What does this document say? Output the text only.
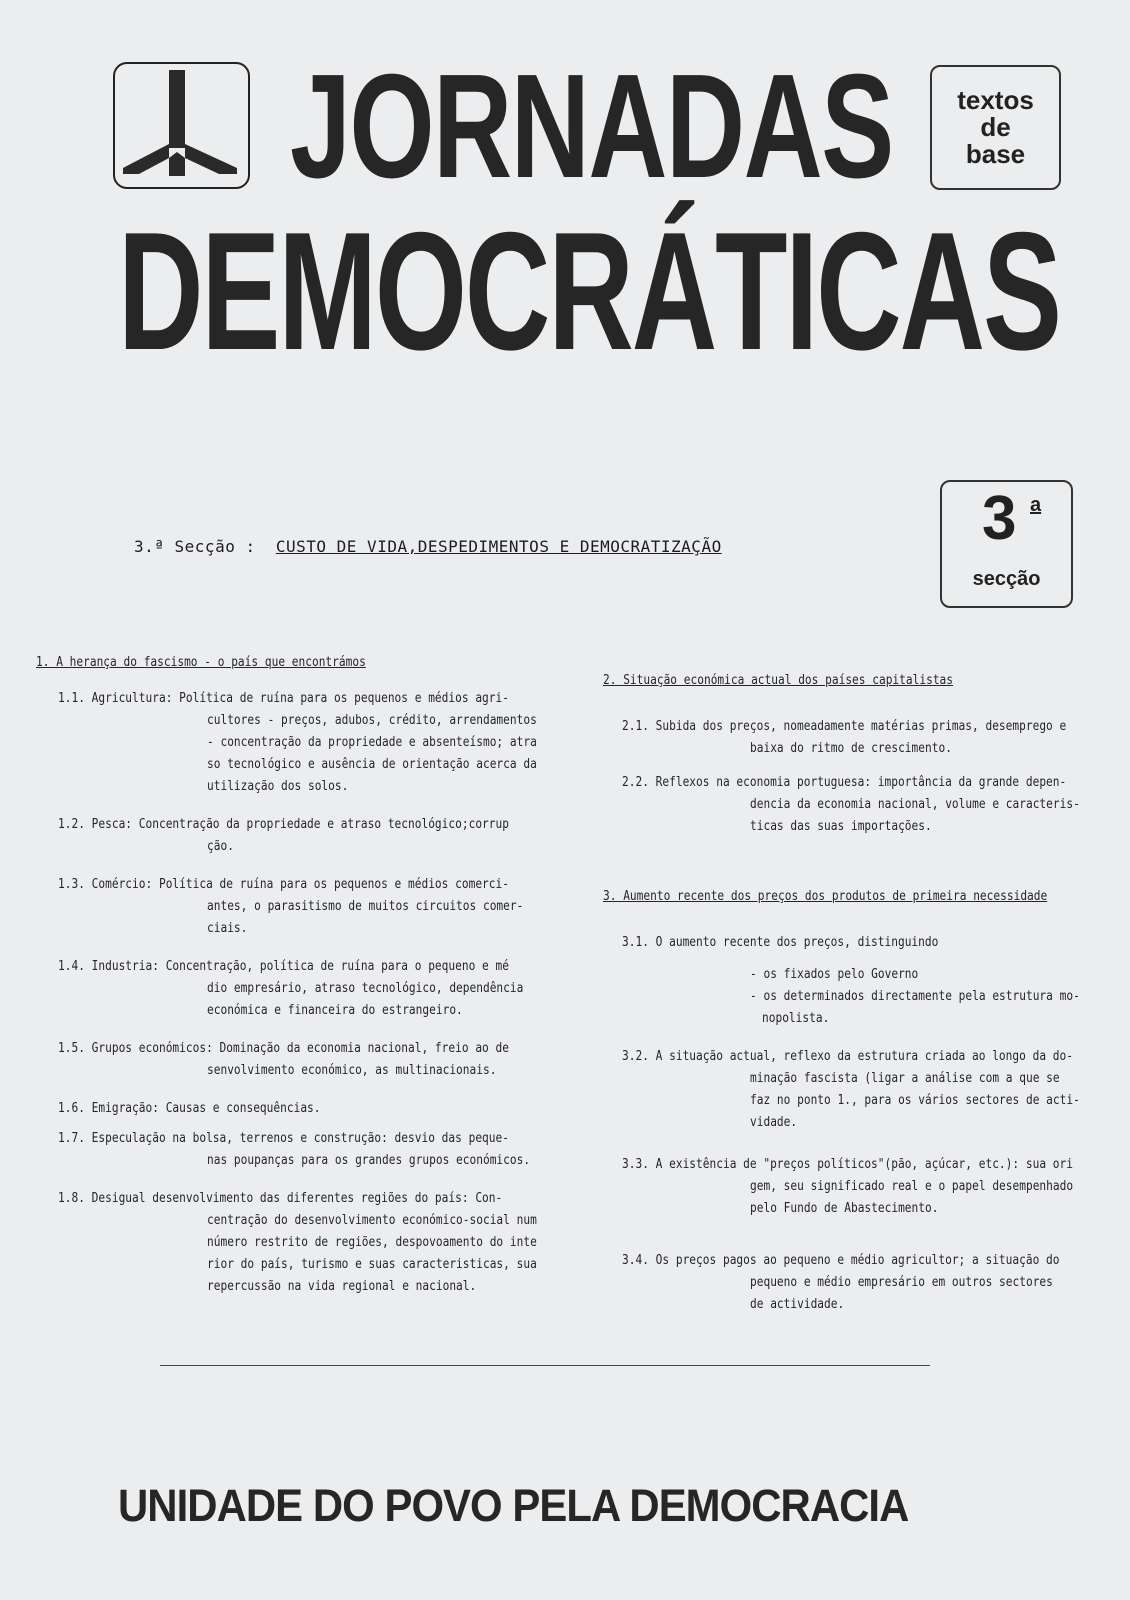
JORNADAS
DEMOCRÁTICAS
textos
de
base
3 a
secção
3.ª Secção : CUSTO DE VIDA,DESPEDIMENTOS E DEMOCRATIZAÇÃO
1. A herança do fascismo - o país que encontrámos
1.1. Agricultura: Política de ruína para os pequenos e médios agri-
cultores - preços, adubos, crédito, arrendamentos
- concentração da propriedade e absenteísmo; atra
so tecnológico e ausência de orientação acerca da
utilização dos solos.
1.2. Pesca: Concentração da propriedade e atraso tecnológico;corrup
ção.
1.3. Comércio: Política de ruína para os pequenos e médios comerci-
antes, o parasitismo de muitos circuitos comer-
ciais.
1.4. Industria: Concentração, política de ruína para o pequeno e mé
dio empresário, atraso tecnológico, dependência
económica e financeira do estrangeiro.
1.5. Grupos económicos: Dominação da economia nacional, freio ao de
senvolvimento económico, as multinacionais.
1.6. Emigração: Causas e consequências.
1.7. Especulação na bolsa, terrenos e construção: desvio das peque-
nas poupanças para os grandes grupos económicos.
1.8. Desigual desenvolvimento das diferentes regiões do país: Con-
centração do desenvolvimento económico-social num
número restrito de regiões, despovoamento do inte
rior do país, turismo e suas caracteristicas, sua
repercussão na vida regional e nacional.
2. Situação económica actual dos países capitalistas
2.1. Subida dos preços, nomeadamente matérias primas, desemprego e
baixa do ritmo de crescimento.
2.2. Reflexos na economia portuguesa: importância da grande depen-
dencia da economia nacional, volume e caracteris-
ticas das suas importações.
3. Aumento recente dos preços dos produtos de primeira necessidade
3.1. O aumento recente dos preços, distinguindo
- os fixados pelo Governo
- os determinados directamente pela estrutura mo-
nopolista.
3.2. A situação actual, reflexo da estrutura criada ao longo da do-
minação fascista (ligar a análise com a que se
faz no ponto 1., para os vários sectores de acti-
vidade.
3.3. A existência de "preços políticos"(pão, açúcar, etc.): sua ori
gem, seu significado real e o papel desempenhado
pelo Fundo de Abastecimento.
3.4. Os preços pagos ao pequeno e médio agricultor; a situação do
pequeno e médio empresário em outros sectores
de actividade.
UNIDADE DO POVO PELA DEMOCRACIA
